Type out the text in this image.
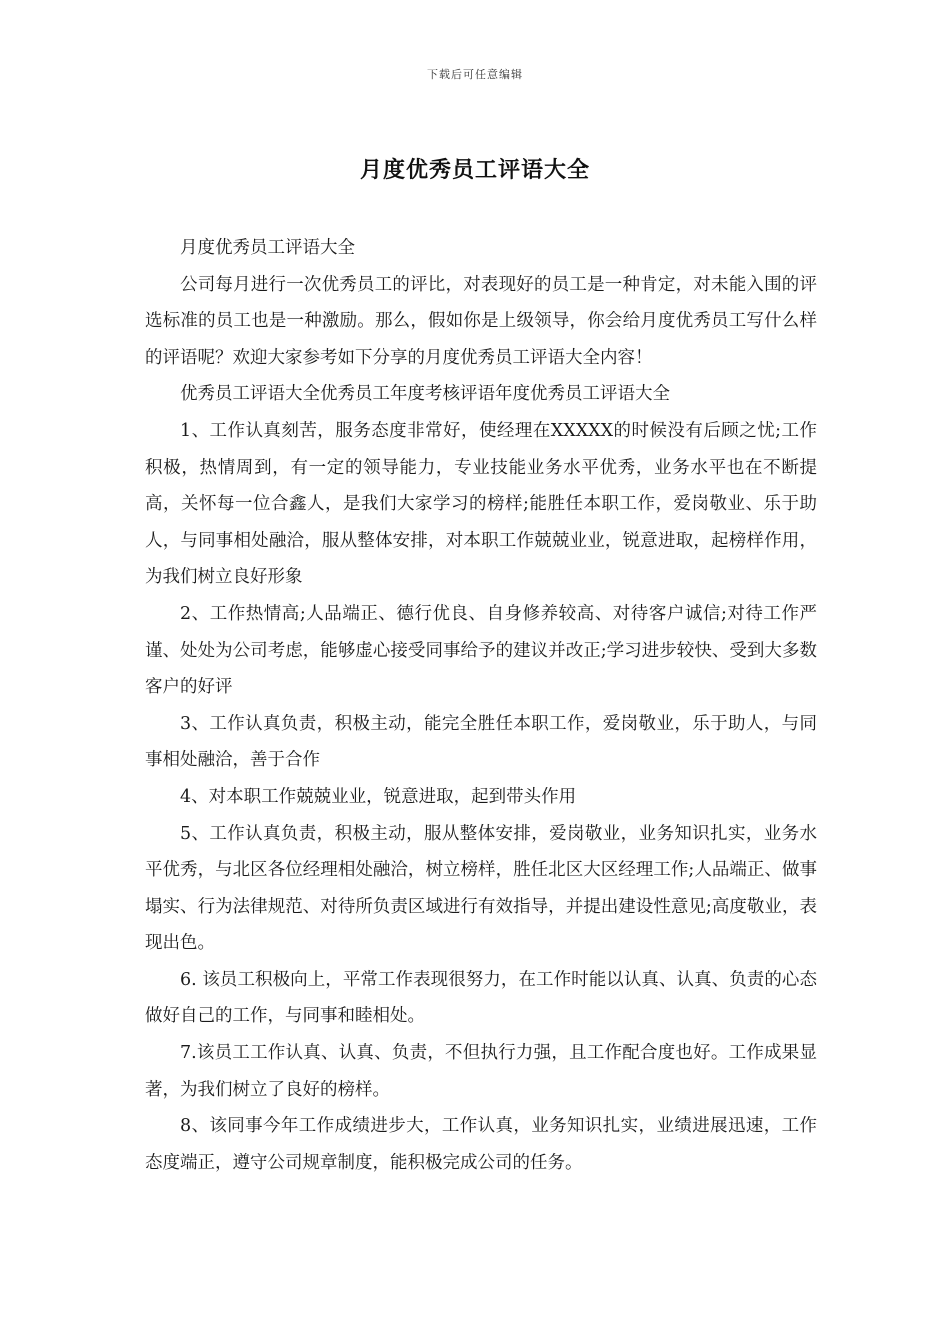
下载后可任意编辑
月度优秀员工评语大全

月度优秀员工评语大全

公司每月进行一次优秀员工的评比，对表现好的员工是一种肯定，对未能入围的评选标准的员工也是一种激励。那么，假如你是上级领导，你会给月度优秀员工写什么样的评语呢？欢迎大家参考如下分享的月度优秀员工评语大全内容！

优秀员工评语大全优秀员工年度考核评语年度优秀员工评语大全

1、工作认真刻苦，服务态度非常好，使经理在XXXXX的时候没有后顾之忧;工作积极，热情周到，有一定的领导能力，专业技能业务水平优秀，业务水平也在不断提高，关怀每一位合鑫人，是我们大家学习的榜样;能胜任本职工作，爱岗敬业、乐于助人，与同事相处融洽，服从整体安排，对本职工作兢兢业业，锐意进取，起榜样作用，为我们树立良好形象

2、工作热情高;人品端正、德行优良、自身修养较高、对待客户诚信;对待工作严谨、处处为公司考虑，能够虚心接受同事给予的建议并改正;学习进步较快、受到大多数客户的好评

3、工作认真负责，积极主动，能完全胜任本职工作，爱岗敬业，乐于助人，与同事相处融洽，善于合作

4、对本职工作兢兢业业，锐意进取，起到带头作用

5、工作认真负责，积极主动，服从整体安排，爱岗敬业，业务知识扎实，业务水平优秀，与北区各位经理相处融洽，树立榜样，胜任北区大区经理工作;人品端正、做事塌实、行为法律规范、对待所负责区域进行有效指导，并提出建设性意见;高度敬业，表现出色。

6. 该员工积极向上，平常工作表现很努力，在工作时能以认真、认真、负责的心态做好自己的工作，与同事和睦相处。

7.该员工工作认真、认真、负责，不但执行力强，且工作配合度也好。工作成果显著，为我们树立了良好的榜样。

8、该同事今年工作成绩进步大，工作认真，业务知识扎实，业绩进展迅速，工作态度端正，遵守公司规章制度，能积极完成公司的任务。
